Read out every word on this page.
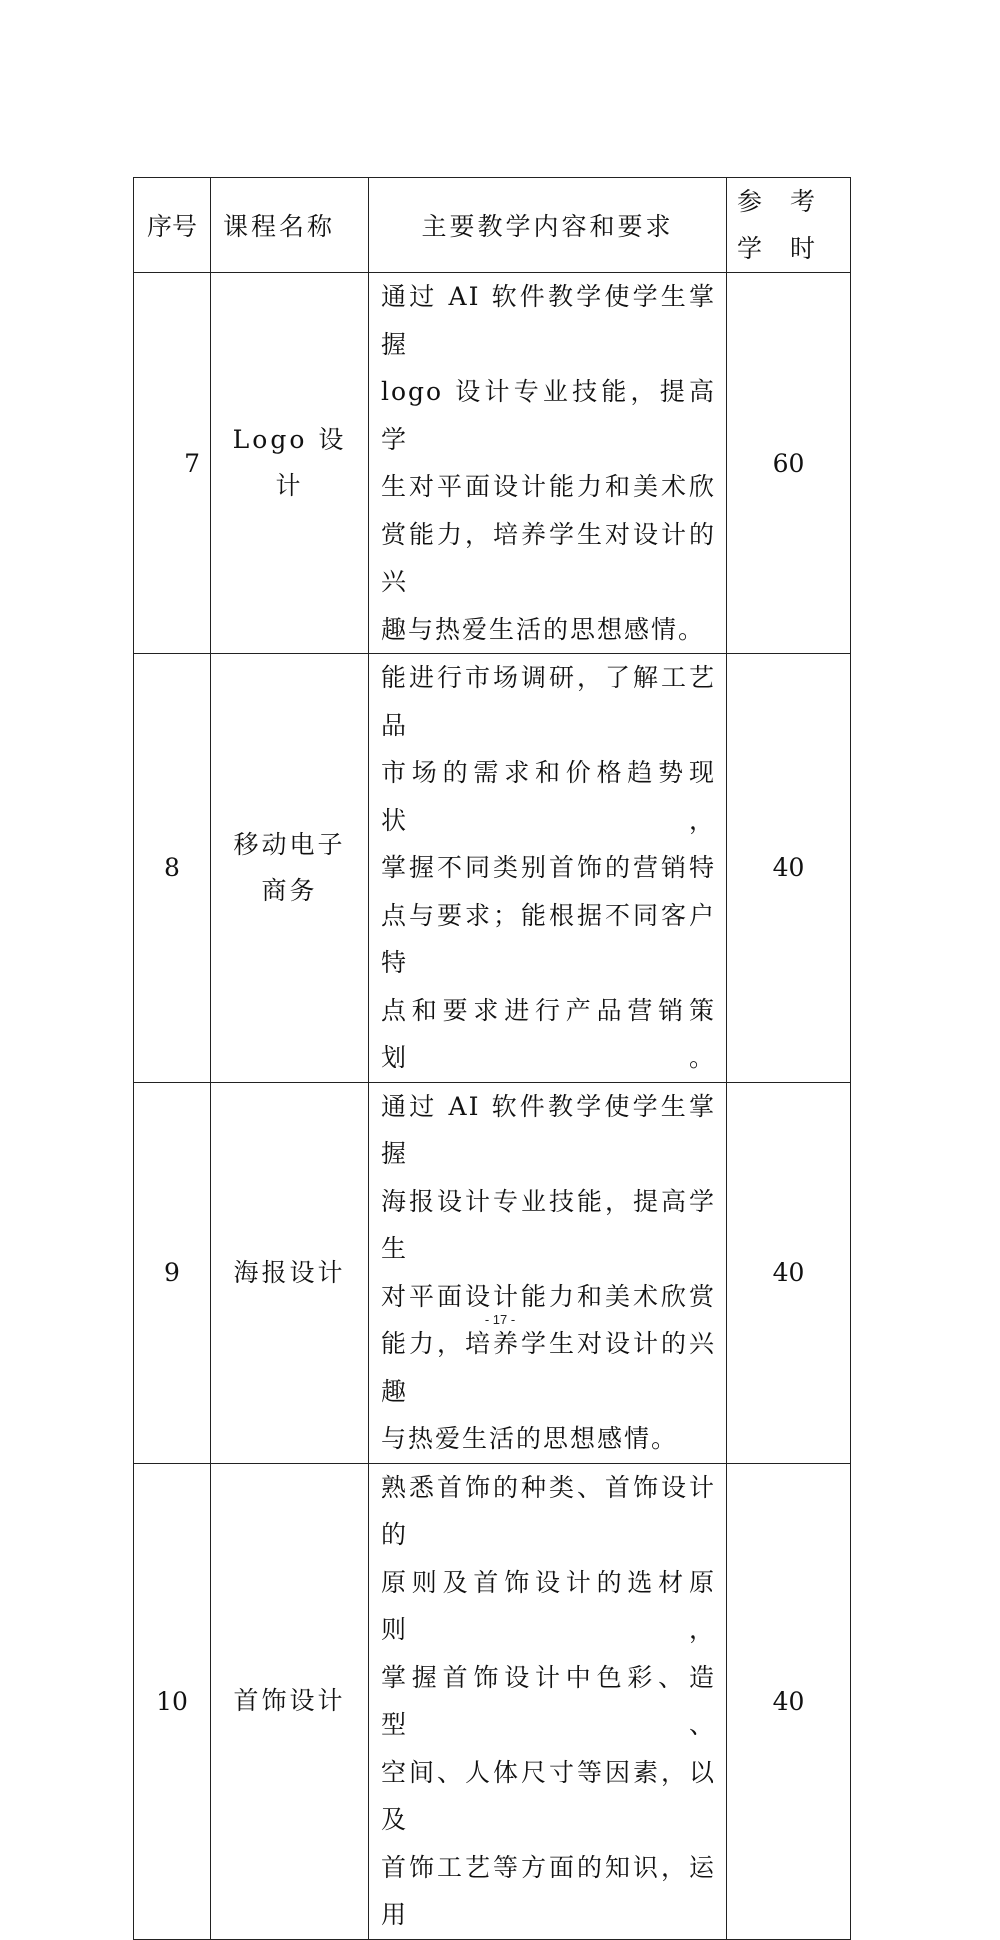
序号	课程名称	主要教学内容和要求	参 考 学 时
7	Logo 设计	通过 AI 软件教学使学生掌握
logo 设计专业技能，提高学
生对平面设计能力和美术欣
赏能力，培养学生对设计的兴
趣与热爱生活的思想感情。	60
8	移动电子商务	能进行市场调研，了解工艺品
市场的需求和价格趋势现状，
掌握不同类别首饰的营销特
点与要求；能根据不同客户特
点和要求进行产品营销策划。	40
9	海报设计	通过 AI 软件教学使学生掌握
海报设计专业技能，提高学生
对平面设计能力和美术欣赏
能力，培养学生对设计的兴趣
与热爱生活的思想感情。	40
10	首饰设计	熟悉首饰的种类、首饰设计的
原则及首饰设计的选材原则，
掌握首饰设计中色彩、造型、
空间、人体尺寸等因素，以及
首饰工艺等方面的知识，运用	40
- 17 -
